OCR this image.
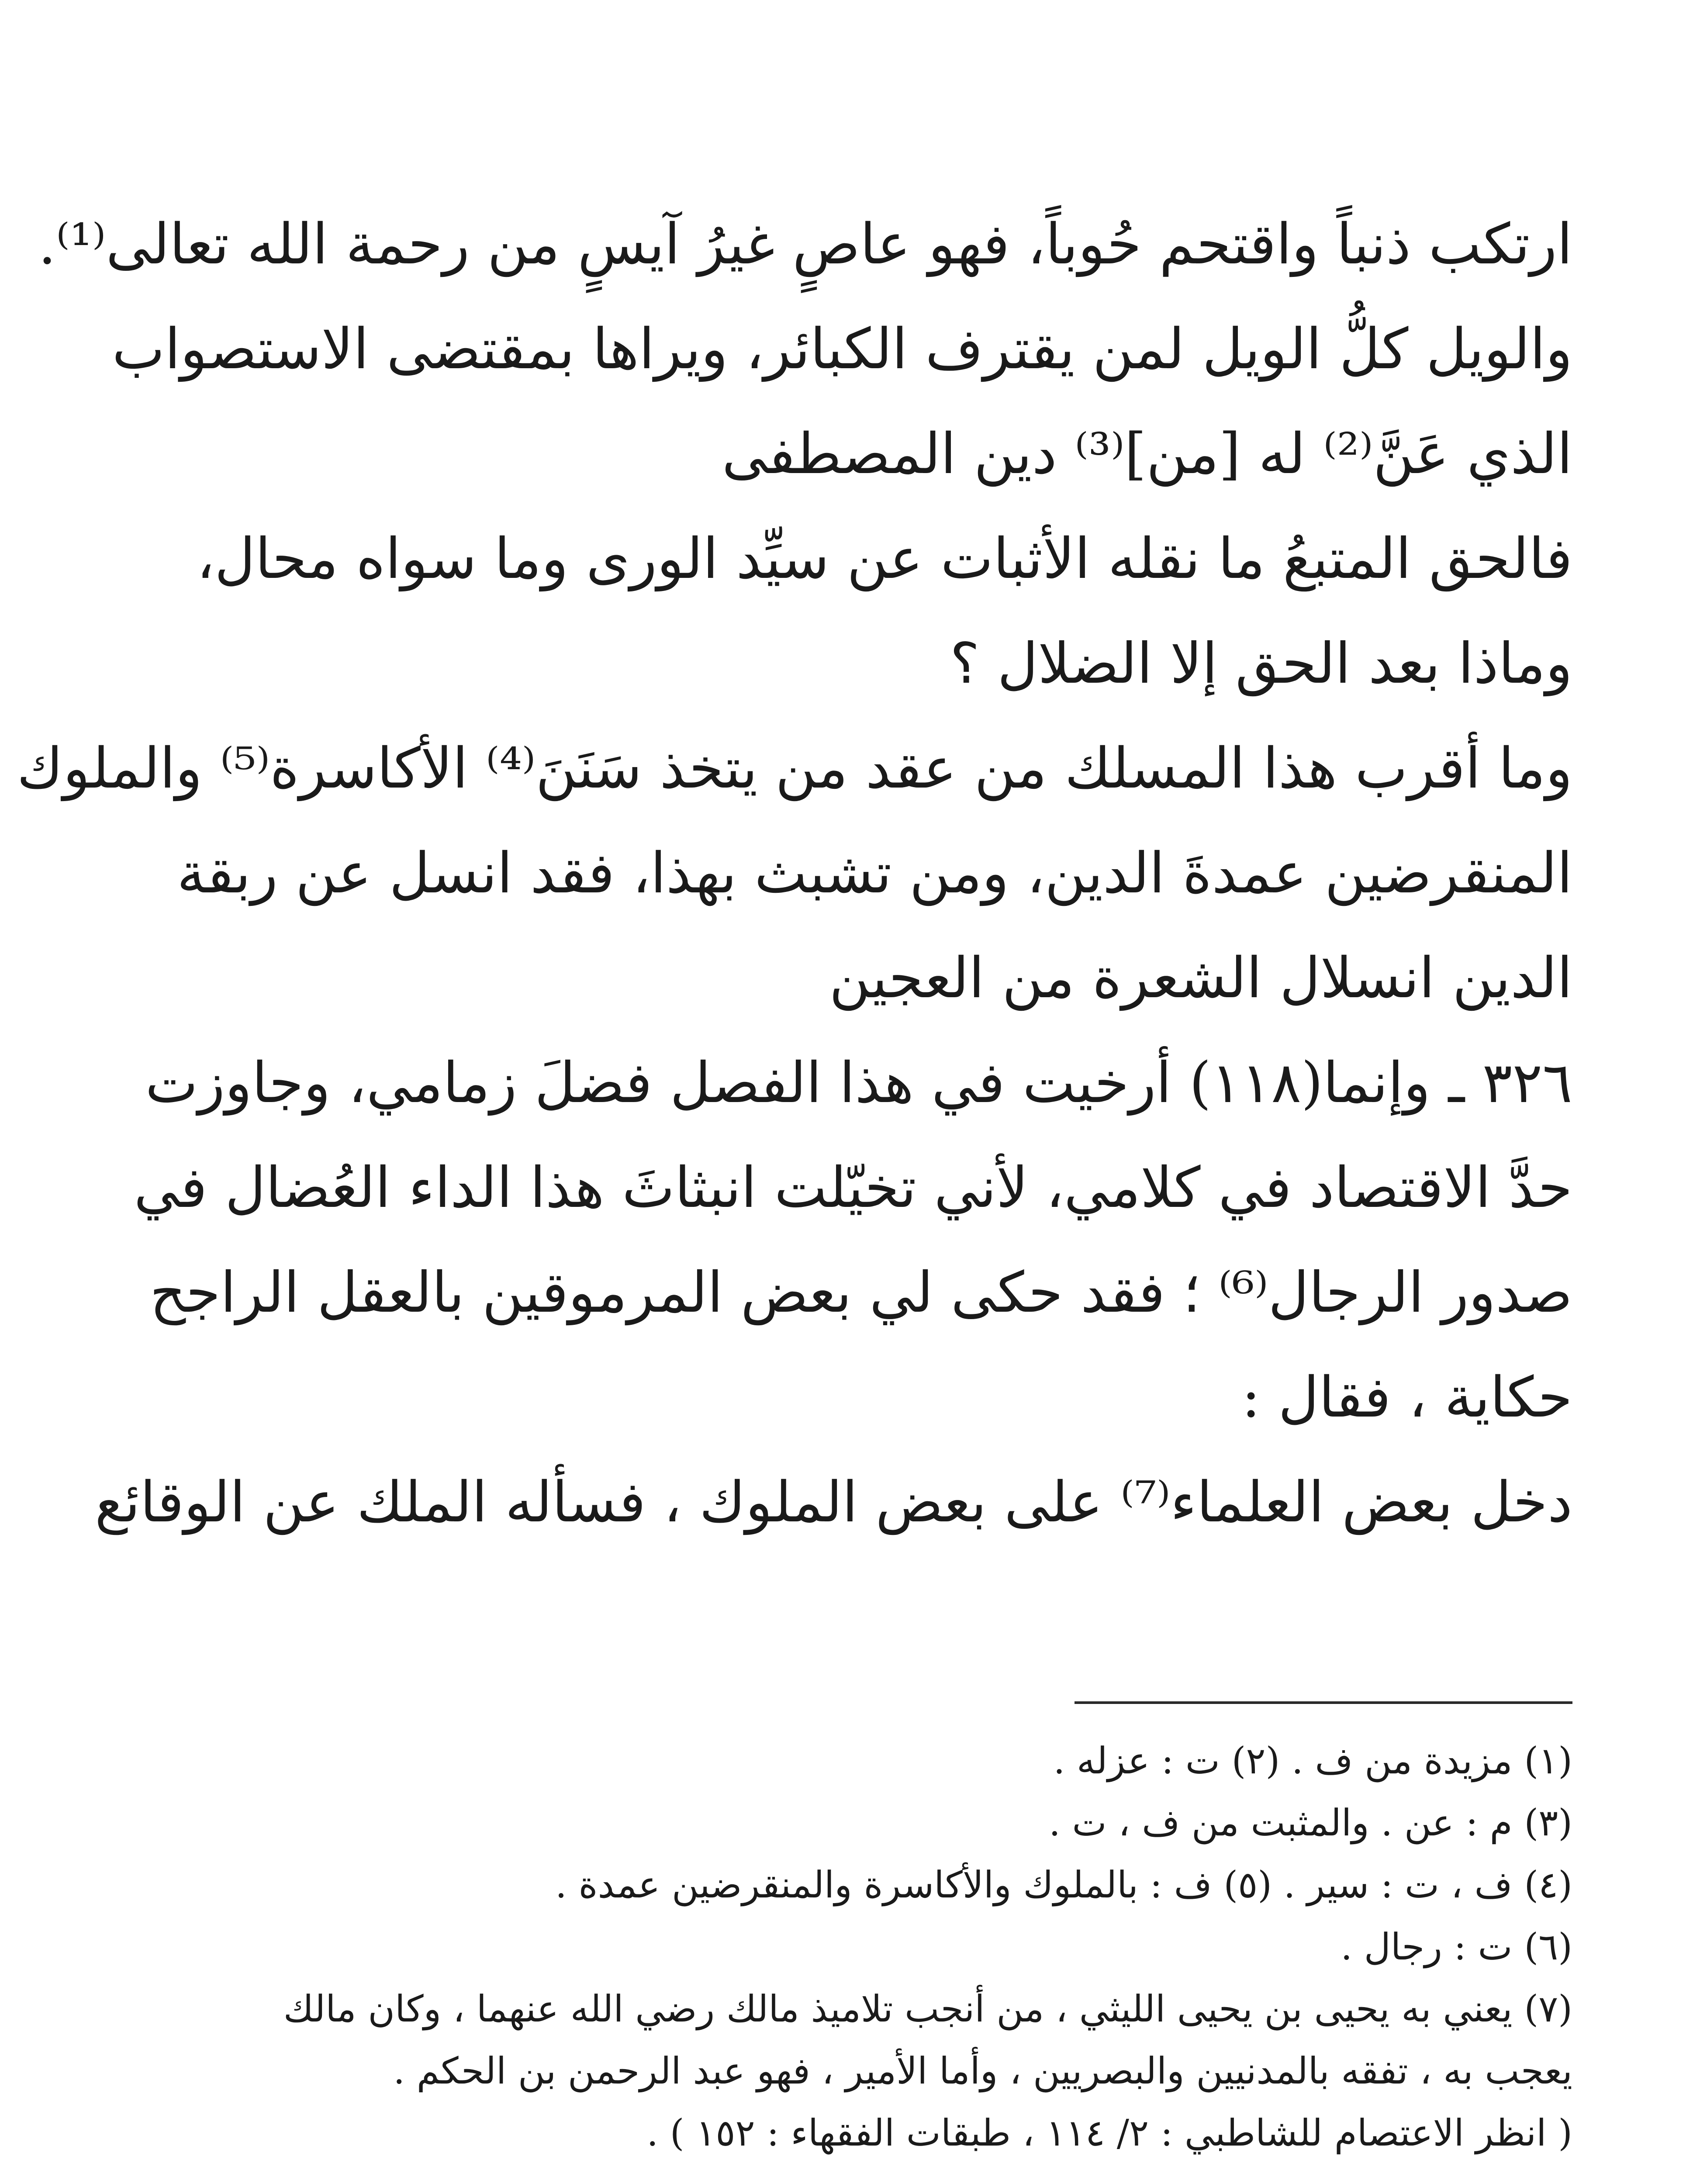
ارتكب ذنباً واقتحم حُوباً، فهو عاصٍ غيرُ آيسٍ من رحمة الله تعالى⁽¹⁾.
والويل كلُّ الويل لمن يقترف الكبائر، ويراها بمقتضى الاستصواب
الذي عَنَّ⁽²⁾ له [من]⁽³⁾ دين المصطفى
فالحق المتبعُ ما نقله الأثبات عن سيِّد الورى وما سواه محال،
وماذا بعد الحق إلا الضلال ؟
وما أقرب هذا المسلك من عقد من يتخذ سَنَنَ⁽⁴⁾ الأكاسرة⁽⁵⁾ والملوك
المنقرضين عمدةَ الدين، ومن تشبث بهذا، فقد انسل عن ربقة
الدين انسلال الشعرة من العجين
٣٢٦ ـ وإنما(١١٨) أرخيت في هذا الفصل فضلَ زمامي، وجاوزت
حدَّ الاقتصاد في كلامي، لأني تخيّلت انبثاثَ هذا الداء العُضال في
صدور الرجال⁽⁶⁾ ؛ فقد حكى لي بعض المرموقين بالعقل الراجح
حكاية ، فقال :
دخل بعض العلماء⁽⁷⁾ على بعض الملوك ، فسأله الملك عن الوقائع
(١) مزيدة من ف . (٢) ت : عزله .
(٣) م : عن . والمثبت من ف ، ت .
(٤) ف ، ت : سير . (٥) ف : بالملوك والأكاسرة والمنقرضين عمدة .
(٦) ت : رجال .
(٧) يعني به يحيى بن يحيى الليثي ، من أنجب تلاميذ مالك رضي الله عنهما ، وكان مالك
يعجب به ، تفقه بالمدنيين والبصريين ، وأما الأمير ، فهو عبد الرحمن بن الحكم .
( انظر الاعتصام للشاطبي : ٢/ ١١٤ ، طبقات الفقهاء : ١٥٢ ) .
